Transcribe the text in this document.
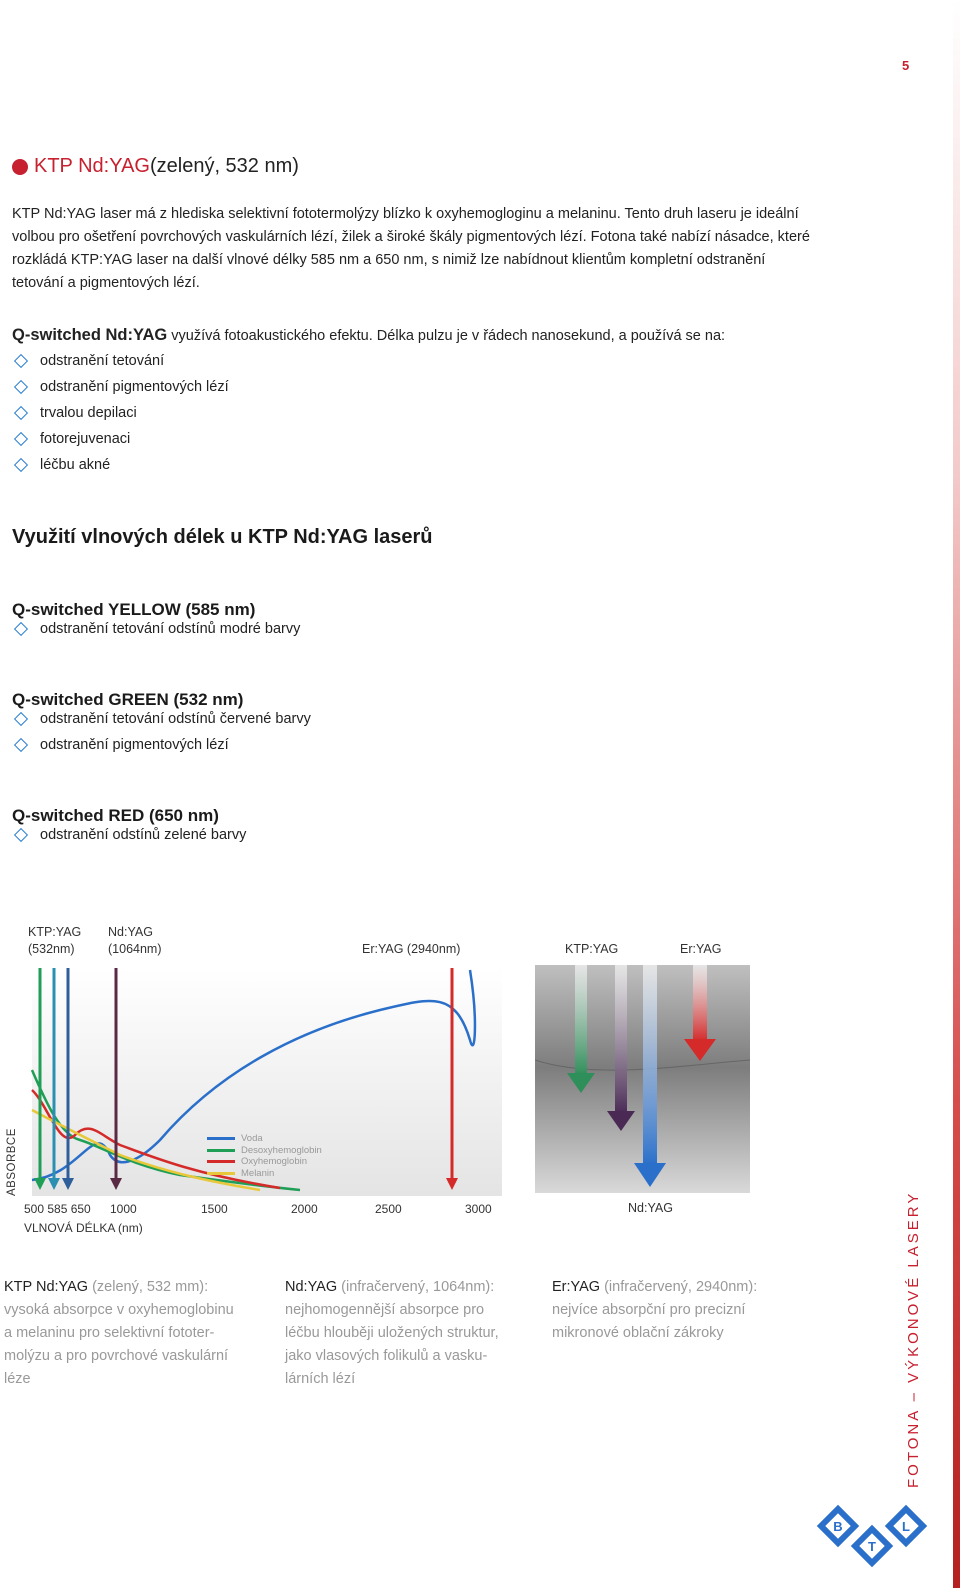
5
KTP Nd:YAG (zelený, 532 nm)
KTP Nd:YAG laser má z hlediska selektivní fototermolýzy blízko k oxyhemogloginu a melaninu. Tento druh laseru je ideální volbou pro ošetření povrchových vaskulárních lézí, žilek a široké škály pigmentových lézí. Fotona také nabízí násadce, které rozkládá KTP:YAG laser na další vlnové délky 585 nm a 650 nm, s nimiž lze nabídnout klientům kompletní odstranění tetování a pigmentových lézí.
Q-switched Nd:YAG využívá fotoakustického efektu. Délka pulzu je v řádech nanosekund, a používá se na:
odstranění tetování
odstranění pigmentových lézí
trvalou depilaci
fotorejuvenaci
léčbu akné
Využití vlnových délek u KTP Nd:YAG laserů
Q-switched YELLOW (585 nm)
odstranění tetování odstínů modré barvy
Q-switched GREEN (532 nm)
odstranění tetování odstínů červené barvy
odstranění pigmentových lézí
Q-switched RED (650 nm)
odstranění odstínů zelené barvy
KTP:YAG
(532nm)
Nd:YAG
(1064nm)	Er:YAG (2940nm)	KTP:YAG	Er:YAG
Nd:YAG
Voda
Desoxyhemoglobin
Oxyhemoglobin
Melanin
ABSORBCE
500 585 650 1000	1500	2000	2500	3000
VLNOVÁ DÉLKA (nm)
KTP Nd:YAG (zelený, 532 mm):
vysoká absorpce v oxyhemoglobinu
a melaninu pro selektivní fototer-
molýzu a pro povrchové vaskulární
léze
Nd:YAG (infračervený, 1064nm):
nejhomogennější absorpce pro
léčbu hlouběji uložených struktur,
jako vlasových folikulů a vasku-
lárních lézí
Er:YAG (infračervený, 2940nm):
nejvíce absorpční pro precizní
mikronové oblační zákroky	FOTONA – VÝKONOVÉ LASERY
B
T
L
